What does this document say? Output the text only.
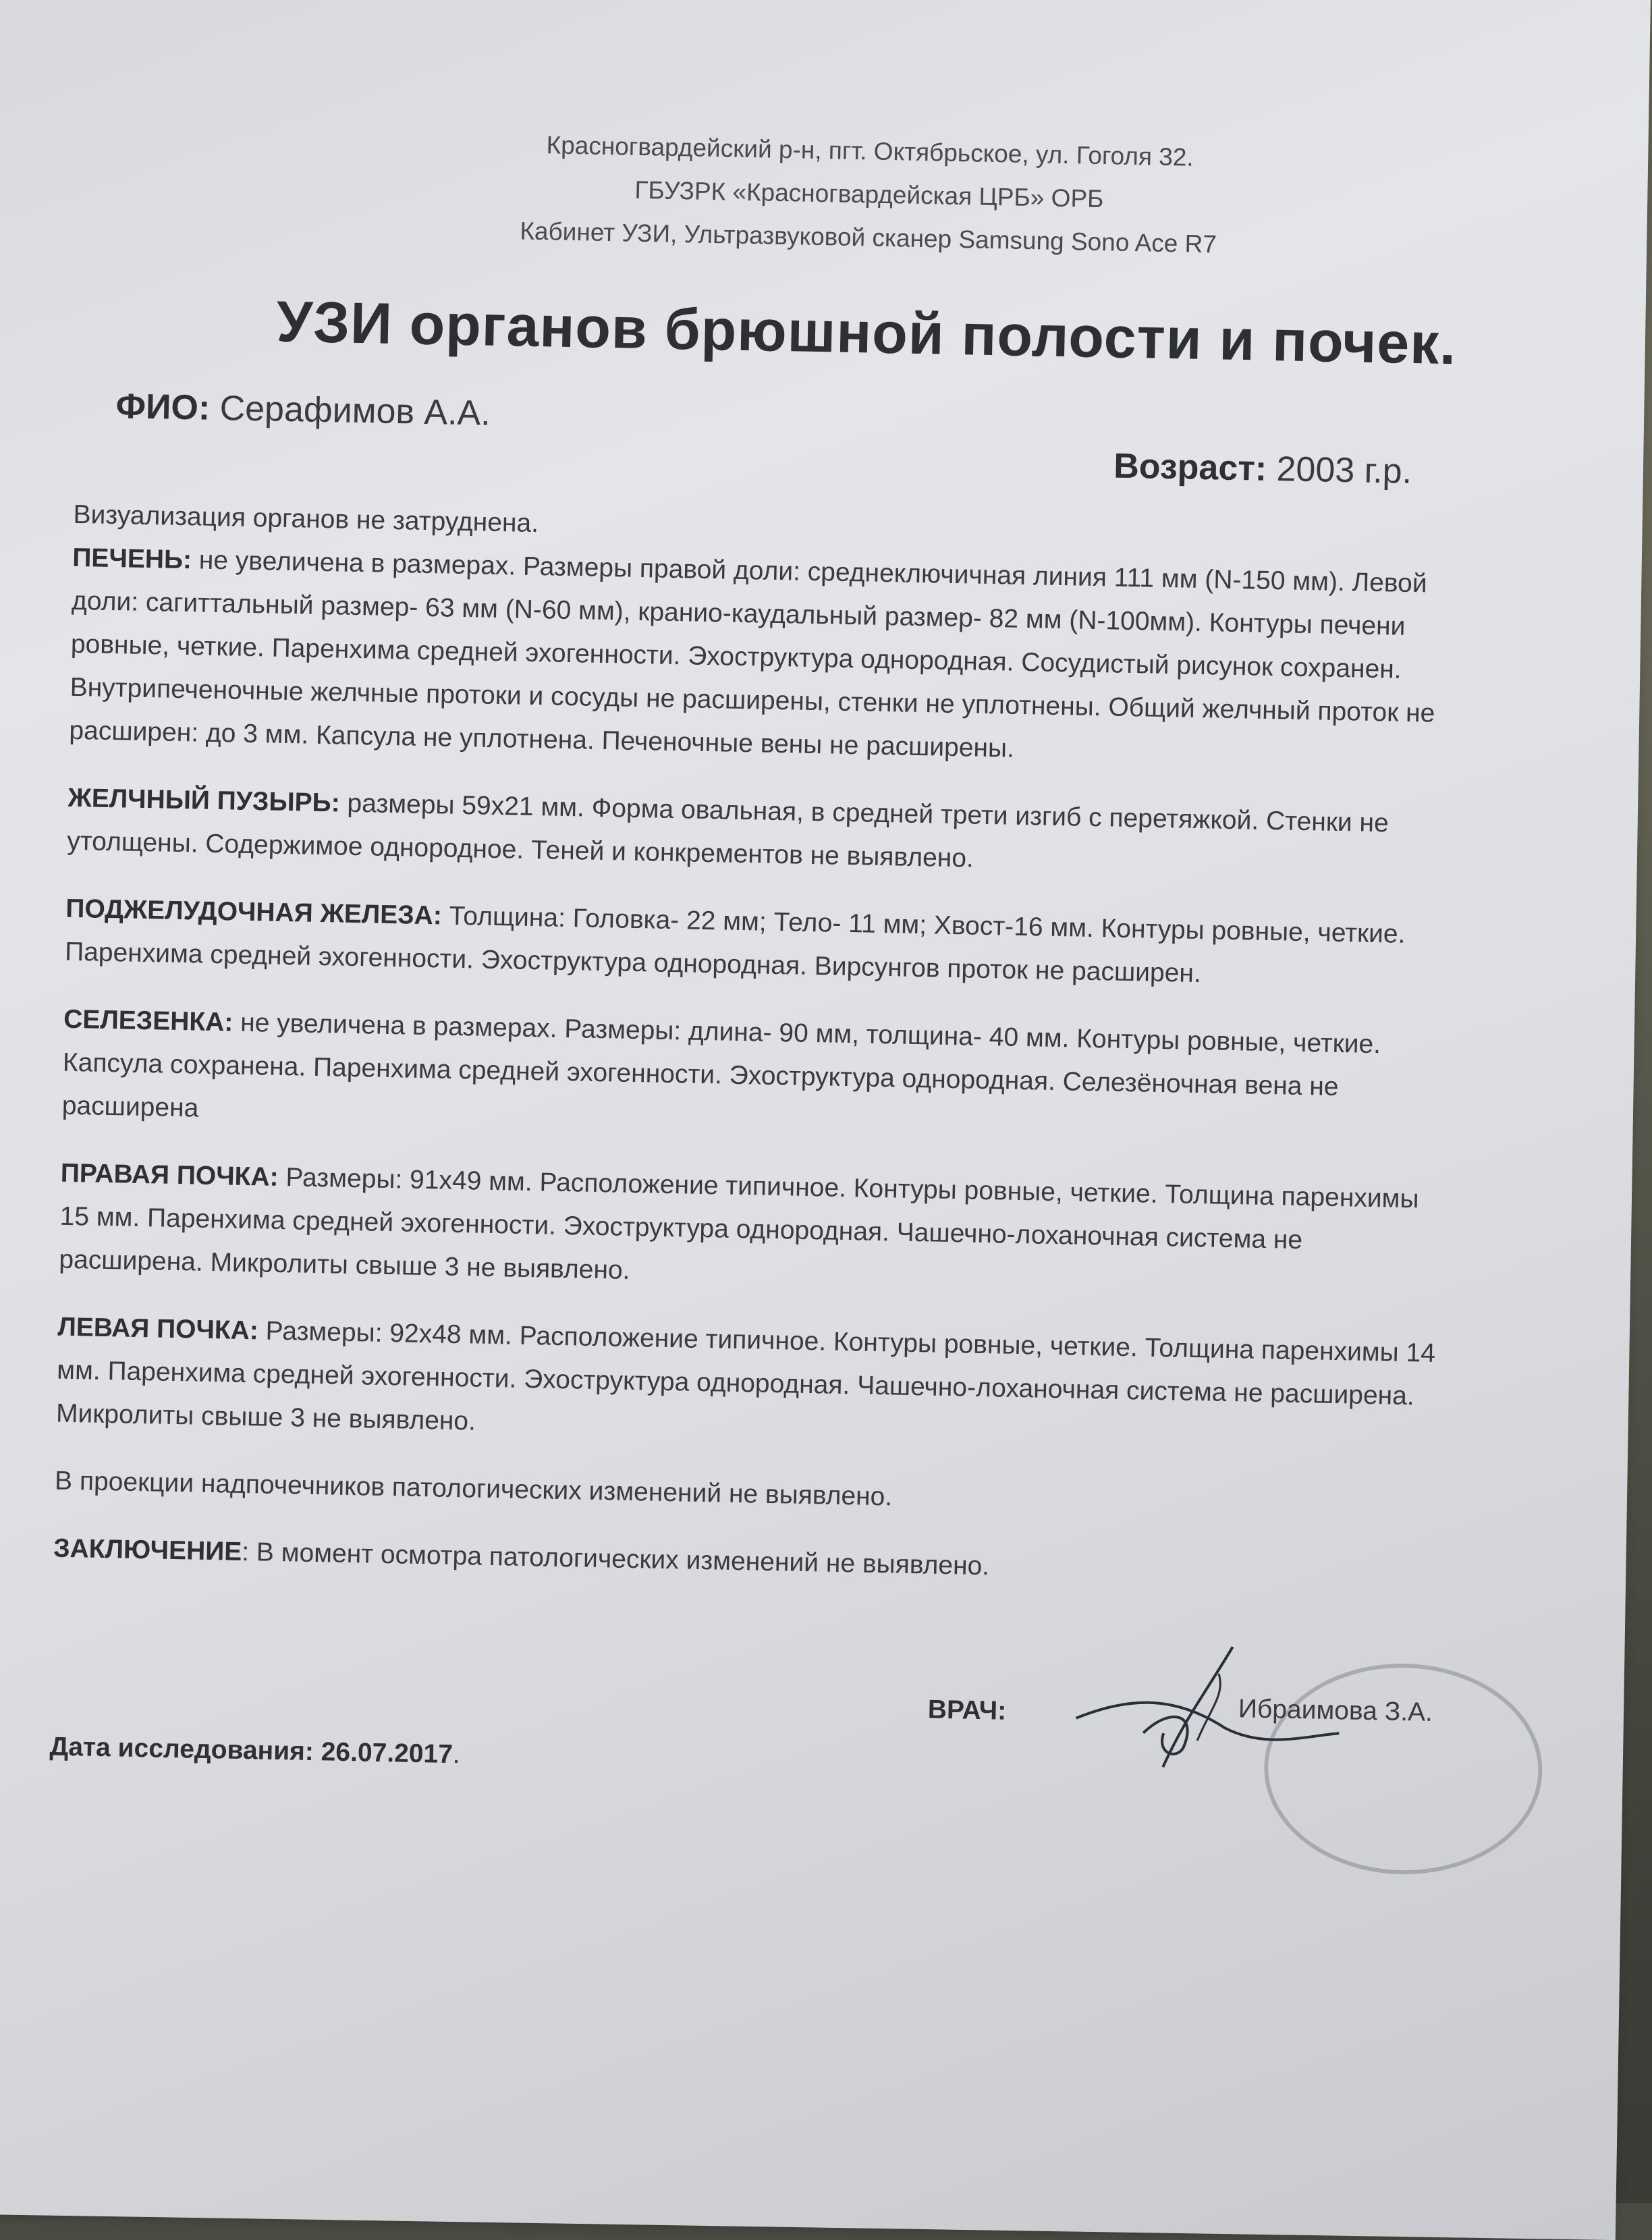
Красногвардейский р-н, пгт. Октябрьское, ул. Гоголя 32.
ГБУЗРК «Красногвардейская ЦРБ» ОРБ
Кабинет УЗИ, Ультразвуковой сканер Samsung Sono Ace R7
УЗИ органов брюшной полости и почек.
ФИО: Серафимов А.А.
Возраст: 2003 г.р.
Визуализация органов не затруднена.
ПЕЧЕНЬ: не увеличена в размерах. Размеры правой доли: среднеключичная линия 111 мм (N-150 мм). Левой доли: сагиттальный размер- 63 мм (N-60 мм), кранио-каудальный размер- 82 мм (N-100мм). Контуры печени ровные, четкие. Паренхима средней эхогенности. Эхоструктура однородная. Сосудистый рисунок сохранен. Внутрипеченочные желчные протоки и сосуды не расширены, стенки не уплотнены. Общий желчный проток не расширен: до 3 мм. Капсула не уплотнена. Печеночные вены не расширены.
ЖЕЛЧНЫЙ ПУЗЫРЬ: размеры 59х21 мм. Форма овальная, в средней трети изгиб с перетяжкой. Стенки не утолщены. Содержимое однородное. Теней и конкрементов не выявлено.
ПОДЖЕЛУДОЧНАЯ ЖЕЛЕЗА: Толщина: Головка- 22 мм; Тело- 11 мм; Хвост-16 мм. Контуры ровные, четкие. Паренхима средней эхогенности. Эхоструктура однородная. Вирсунгов проток не расширен.
СЕЛЕЗЕНКА: не увеличена в размерах. Размеры: длина- 90 мм, толщина- 40 мм. Контуры ровные, четкие. Капсула сохранена. Паренхима средней эхогенности. Эхоструктура однородная. Селезёночная вена не расширена
ПРАВАЯ ПОЧКА: Размеры: 91х49 мм. Расположение типичное. Контуры ровные, четкие. Толщина паренхимы 15 мм. Паренхима средней эхогенности. Эхоструктура однородная. Чашечно-лоханочная система не расширена. Микролиты свыше 3 не выявлено.
ЛЕВАЯ ПОЧКА: Размеры: 92х48 мм. Расположение типичное. Контуры ровные, четкие. Толщина паренхимы 14 мм. Паренхима средней эхогенности. Эхоструктура однородная. Чашечно-лоханочная система не расширена. Микролиты свыше 3 не выявлено.
В проекции надпочечников патологических изменений не выявлено.
ЗАКЛЮЧЕНИЕ: В момент осмотра патологических изменений не выявлено.
ВРАЧ:	Ибраимова З.А.
Дата исследования: 26.07.2017.
